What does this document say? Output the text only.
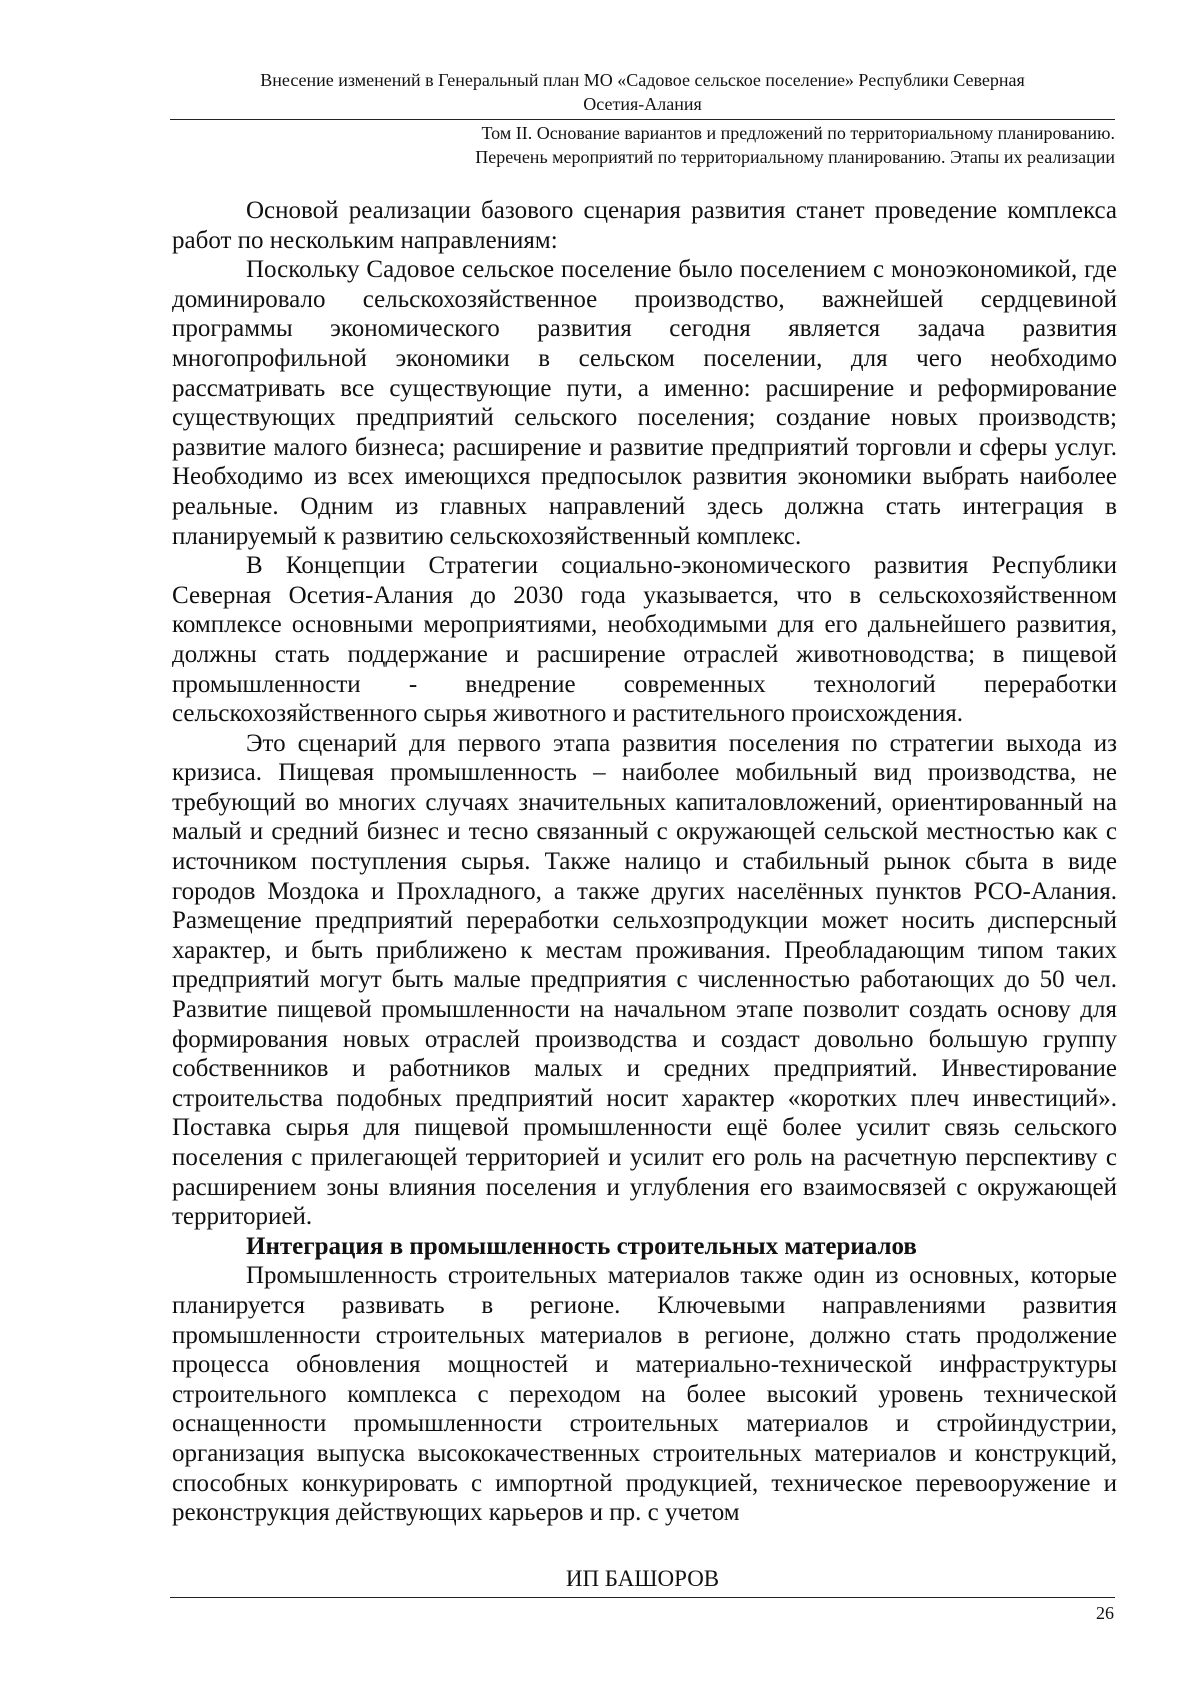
Внесение изменений в Генеральный план МО «Садовое сельское поселение» Республики Северная
Осетия-Алания
Том II. Основание вариантов и предложений по территориальному планированию.
Перечень мероприятий по территориальному планированию. Этапы их реализации

Основой реализации базового сценария развития станет проведение комплекса работ по нескольким направлениям:

Поскольку Садовое сельское поселение было поселением с моноэкономикой, где доминировало сельскохозяйственное производство, важнейшей сердцевиной программы экономического развития сегодня является задача развития многопрофильной экономики в сельском поселении, для чего необходимо рассматривать все существующие пути, а именно: расширение и реформирование существующих предприятий сельского поселения; создание новых производств; развитие малого бизнеса; расширение и развитие предприятий торговли и сферы услуг. Необходимо из всех имеющихся предпосылок развития экономики выбрать наиболее реальные. Одним из главных направлений здесь должна стать интеграция в планируемый к развитию сельскохозяйственный комплекс.

В Концепции Стратегии социально-экономического развития Республики Северная Осетия-Алания до 2030 года указывается, что в сельскохозяйственном комплексе основными мероприятиями, необходимыми для его дальнейшего развития, должны стать поддержание и расширение отраслей животноводства; в пищевой промышленности - внедрение современных технологий переработки сельскохозяйственного сырья животного и растительного происхождения.

Это сценарий для первого этапа развития поселения по стратегии выхода из кризиса. Пищевая промышленность – наиболее мобильный вид производства, не требующий во многих случаях значительных капиталовложений, ориентированный на малый и средний бизнес и тесно связанный с окружающей сельской местностью как с источником поступления сырья. Также налицо и стабильный рынок сбыта в виде городов Моздока и Прохладного, а также других населённых пунктов РСО-Алания. Размещение предприятий переработки сельхозпродукции может носить дисперсный характер, и быть приближено к местам проживания. Преобладающим типом таких предприятий могут быть малые предприятия с численностью работающих до 50 чел. Развитие пищевой промышленности на начальном этапе позволит создать основу для формирования новых отраслей производства и создаст довольно большую группу собственников и работников малых и средних предприятий. Инвестирование строительства подобных предприятий носит характер «коротких плеч инвестиций». Поставка сырья для пищевой промышленности ещё более усилит связь сельского поселения с прилегающей территорией и усилит его роль на расчетную перспективу с расширением зоны влияния поселения и углубления его взаимосвязей с окружающей территорией.

Интеграция в промышленность строительных материалов

Промышленность строительных материалов также один из основных, которые планируется развивать в регионе. Ключевыми направлениями развития промышленности строительных материалов в регионе, должно стать продолжение процесса обновления мощностей и материально-технической инфраструктуры строительного комплекса с переходом на более высокий уровень технической оснащенности промышленности строительных материалов и стройиндустрии, организация выпуска высококачественных строительных материалов и конструкций, способных конкурировать с импортной продукцией, техническое перевооружение и реконструкция действующих карьеров и пр. с учетом

ИП БАШОРОВ
26
